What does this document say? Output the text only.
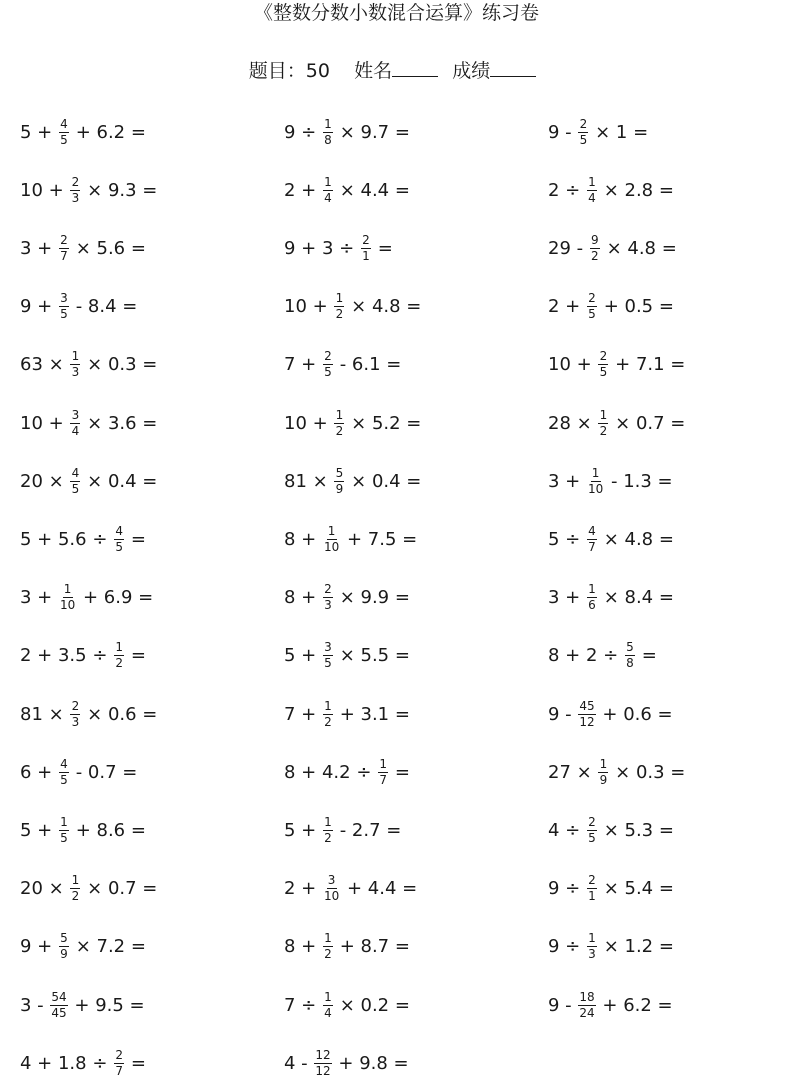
《整数分数小数混合运算》练习卷
题目：50 姓名	成绩
$5 + \frac{4}{5} + 6.2$ =	$9 \div \frac{1}{8} \times 9.7$ =	$9 - \frac{2}{5} \times 1$ =
$10 + \frac{2}{3} \times 9.3$ =	$2 + \frac{1}{4} \times 4.4$ =	$2 \div \frac{1}{4} \times 2.8$ =
$3 + \frac{2}{7} \times 5.6$ =	$9 + 3 \div \frac{2}{1}$ =	$29 - \frac{9}{2} \times 4.8$ =
$9 + \frac{3}{5} - 8.4$ =	$10 + \frac{1}{2} \times 4.8$ =	$2 + \frac{2}{5} + 0.5$ =
$63 \times \frac{1}{3} \times 0.3$ =	$7 + \frac{2}{5} - 6.1$ =	$10 + \frac{2}{5} + 7.1$ =
$10 + \frac{3}{4} \times 3.6$ =	$10 + \frac{1}{2} \times 5.2$ =	$28 \times \frac{1}{2} \times 0.7$ =
$20 \times \frac{4}{5} \times 0.4$ =	$81 \times \frac{5}{9} \times 0.4$ =	$3 + \frac{1}{10} - 1.3$ =
$5 + 5.6 \div \frac{4}{5}$ =	$8 + \frac{1}{10} + 7.5$ =	$5 \div \frac{4}{7} \times 4.8$ =
$3 + \frac{1}{10} + 6.9$ =	$8 + \frac{2}{3} \times 9.9$ =	$3 + \frac{1}{6} \times 8.4$ =
$2 + 3.5 \div \frac{1}{2}$ =	$5 + \frac{3}{5} \times 5.5$ =	$8 + 2 \div \frac{5}{8}$ =
$81 \times \frac{2}{3} \times 0.6$ =	$7 + \frac{1}{2} + 3.1$ =	$9 - \frac{45}{12} + 0.6$ =
$6 + \frac{4}{5} - 0.7$ =	$8 + 4.2 \div \frac{1}{7}$ =	$27 \times \frac{1}{9} \times 0.3$ =
$5 + \frac{1}{5} + 8.6$ =	$5 + \frac{1}{2} - 2.7$ =	$4 \div \frac{2}{5} \times 5.3$ =
$20 \times \frac{1}{2} \times 0.7$ =	$2 + \frac{3}{10} + 4.4$ =	$9 \div \frac{2}{1} \times 5.4$ =
$9 + \frac{5}{9} \times 7.2$ =	$8 + \frac{1}{2} + 8.7$ =	$9 \div \frac{1}{3} \times 1.2$ =
$3 - \frac{54}{45} + 9.5$ =	$7 \div \frac{1}{4} \times 0.2$ =	$9 - \frac{18}{24} + 6.2$ =
$4 + 1.8 \div \frac{2}{7}$ =	$4 - \frac{12}{12} + 9.8$ =
